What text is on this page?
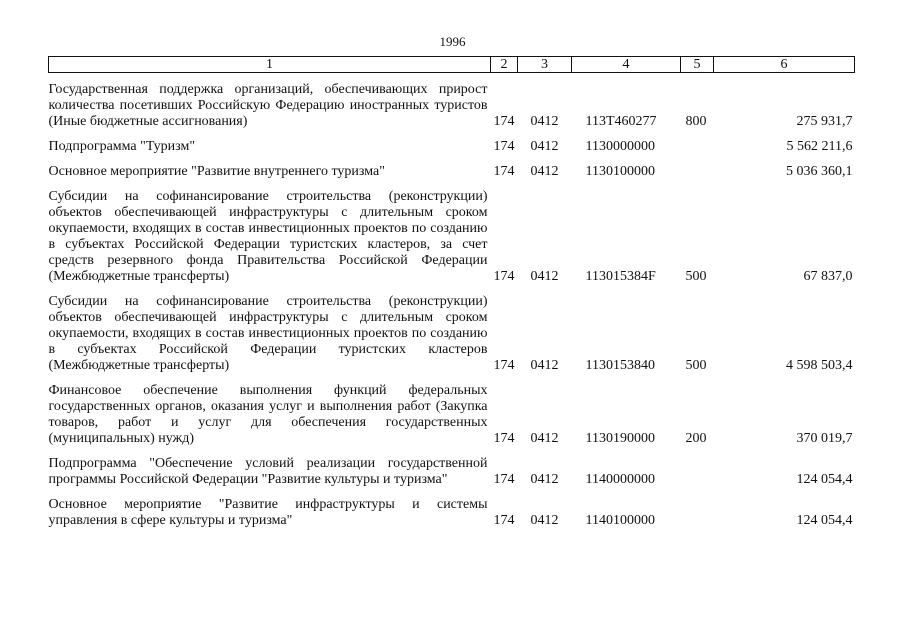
1996
1	2	3	4	5	6

Государственная поддержка организаций, обеспечивающих прирост количества посетивших Российскую Федерацию иностранных туристов (Иные бюджетные ассигнования)	174	0412	113Т460277	800	275 931,7

Подпрограмма "Туризм"	174	0412	1130000000		5 562 211,6

Основное мероприятие "Развитие внутреннего туризма"	174	0412	1130100000		5 036 360,1

Субсидии на софинансирование строительства (реконструкции) объектов обеспечивающей инфраструктуры с длительным сроком окупаемости, входящих в состав инвестиционных проектов по созданию в субъектах Российской Федерации туристских кластеров, за счет средств резервного фонда Правительства Российской Федерации (Межбюджетные трансферты)	174	0412	113015384F	500	67 837,0

Субсидии на софинансирование строительства (реконструкции) объектов обеспечивающей инфраструктуры с длительным сроком окупаемости, входящих в состав инвестиционных проектов по созданию в субъектах Российской Федерации туристских кластеров (Межбюджетные трансферты)	174	0412	1130153840	500	4 598 503,4

Финансовое обеспечение выполнения функций федеральных государственных органов, оказания услуг и выполнения работ (Закупка товаров, работ и услуг для обеспечения государственных (муниципальных) нужд)	174	0412	1130190000	200	370 019,7

Подпрограмма "Обеспечение условий реализации государственной программы Российской Федерации "Развитие культуры и туризма"	174	0412	1140000000		124 054,4

Основное мероприятие "Развитие инфраструктуры и системы управления в сфере культуры и туризма"	174	0412	1140100000		124 054,4
